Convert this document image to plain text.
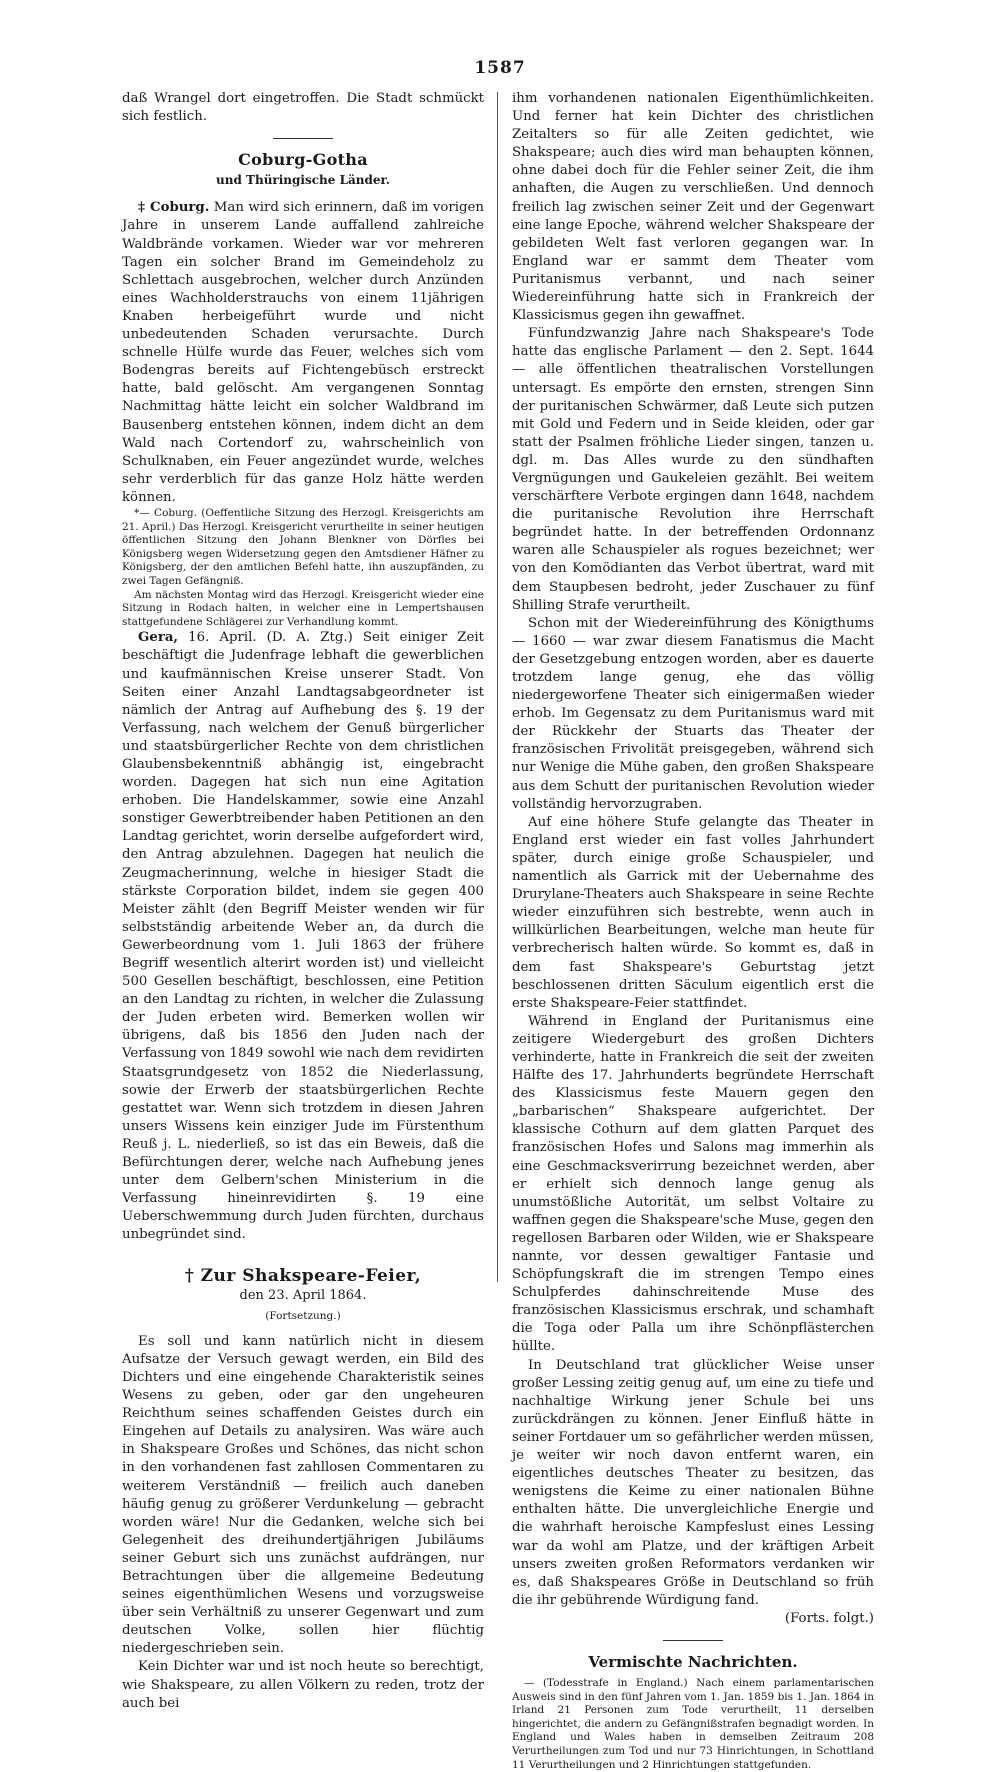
1587

daß Wrangel dort eingetroffen. Die Stadt schmückt sich festlich.

Coburg-Gotha
und Thüringische Länder.

‡ Coburg. Man wird sich erinnern, daß im vorigen Jahre in unserem Lande auffallend zahlreiche Waldbrände vorkamen. Wieder war vor mehreren Tagen ein solcher Brand im Gemeindeholz zu Schlettach ausgebrochen, welcher durch Anzünden eines Wachholderstrauchs von einem 11jährigen Knaben herbeigeführt wurde und nicht unbedeutenden Schaden verursachte. Durch schnelle Hülfe wurde das Feuer, welches sich vom Bodengras bereits auf Fichtengebüsch erstreckt hatte, bald gelöscht. Am vergangenen Sonntag Nachmittag hätte leicht ein solcher Waldbrand im Bausenberg entstehen können, indem dicht an dem Wald nach Cortendorf zu, wahrscheinlich von Schulknaben, ein Feuer angezündet wurde, welches sehr verderblich für das ganze Holz hätte werden können.

*— Coburg. (Oeffentliche Sitzung des Herzogl. Kreisgerichts am 21. April.) Das Herzogl. Kreisgericht verurtheilte in seiner heutigen öffentlichen Sitzung den Johann Blenkner von Dörfles bei Königsberg wegen Widersetzung gegen den Amtsdiener Häfner zu Königsberg, der den amtlichen Befehl hatte, ihn auszupfänden, zu zwei Tagen Gefängniß.

Am nächsten Montag wird das Herzogl. Kreisgericht wieder eine Sitzung in Rodach halten, in welcher eine in Lempertshausen stattgefundene Schlägerei zur Verhandlung kommt.

Gera, 16. April. (D. A. Ztg.) Seit einiger Zeit beschäftigt die Judenfrage lebhaft die gewerblichen und kaufmännischen Kreise unserer Stadt. Von Seiten einer Anzahl Landtagsabgeordneter ist nämlich der Antrag auf Aufhebung des §. 19 der Verfassung, nach welchem der Genuß bürgerlicher und staatsbürgerlicher Rechte von dem christlichen Glaubensbekenntniß abhängig ist, eingebracht worden. Dagegen hat sich nun eine Agitation erhoben. Die Handelskammer, sowie eine Anzahl sonstiger Gewerbtreibender haben Petitionen an den Landtag gerichtet, worin derselbe aufgefordert wird, den Antrag abzulehnen. Dagegen hat neulich die Zeugmacherinnung, welche in hiesiger Stadt die stärkste Corporation bildet, indem sie gegen 400 Meister zählt (den Begriff Meister wenden wir für selbstständig arbeitende Weber an, da durch die Gewerbeordnung vom 1. Juli 1863 der frühere Begriff wesentlich alterirt worden ist) und vielleicht 500 Gesellen beschäftigt, beschlossen, eine Petition an den Landtag zu richten, in welcher die Zulassung der Juden erbeten wird. Bemerken wollen wir übrigens, daß bis 1856 den Juden nach der Verfassung von 1849 sowohl wie nach dem revidirten Staatsgrundgesetz von 1852 die Niederlassung, sowie der Erwerb der staatsbürgerlichen Rechte gestattet war. Wenn sich trotzdem in diesen Jahren unsers Wissens kein einziger Jude im Fürstenthum Reuß j. L. niederließ, so ist das ein Beweis, daß die Befürchtungen derer, welche nach Aufhebung jenes unter dem Gelbern'schen Ministerium in die Verfassung hineinrevidirten §. 19 eine Ueberschwemmung durch Juden fürchten, durchaus unbegründet sind.

† Zur Shakspeare-Feier,
den 23. April 1864.
(Fortsetzung.)

Es soll und kann natürlich nicht in diesem Aufsatze der Versuch gewagt werden, ein Bild des Dichters und eine eingehende Charakteristik seines Wesens zu geben, oder gar den ungeheuren Reichthum seines schaffenden Geistes durch ein Eingehen auf Details zu analysiren. Was wäre auch in Shakspeare Großes und Schönes, das nicht schon in den vorhandenen fast zahllosen Commentaren zu weiterem Verständniß — freilich auch daneben häufig genug zu größerer Verdunkelung — gebracht worden wäre! Nur die Gedanken, welche sich bei Gelegenheit des dreihundertjährigen Jubiläums seiner Geburt sich uns zunächst aufdrängen, nur Betrachtungen über die allgemeine Bedeutung seines eigenthümlichen Wesens und vorzugsweise über sein Verhältniß zu unserer Gegenwart und zum deutschen Volke, sollen hier flüchtig niedergeschrieben sein.

Kein Dichter war und ist noch heute so berechtigt, wie Shakspeare, zu allen Völkern zu reden, trotz der auch bei

ihm vorhandenen nationalen Eigenthümlichkeiten. Und ferner hat kein Dichter des christlichen Zeitalters so für alle Zeiten gedichtet, wie Shakspeare; auch dies wird man behaupten können, ohne dabei doch für die Fehler seiner Zeit, die ihm anhaften, die Augen zu verschließen. Und dennoch freilich lag zwischen seiner Zeit und der Gegenwart eine lange Epoche, während welcher Shakspeare der gebildeten Welt fast verloren gegangen war. In England war er sammt dem Theater vom Puritanismus verbannt, und nach seiner Wiedereinführung hatte sich in Frankreich der Klassicismus gegen ihn gewaffnet.

Fünfundzwanzig Jahre nach Shakspeare's Tode hatte das englische Parlament — den 2. Sept. 1644 — alle öffentlichen theatralischen Vorstellungen untersagt. Es empörte den ernsten, strengen Sinn der puritanischen Schwärmer, daß Leute sich putzen mit Gold und Federn und in Seide kleiden, oder gar statt der Psalmen fröhliche Lieder singen, tanzen u. dgl. m. Das Alles wurde zu den sündhaften Vergnügungen und Gaukeleien gezählt. Bei weitem verschärftere Verbote ergingen dann 1648, nachdem die puritanische Revolution ihre Herrschaft begründet hatte. In der betreffenden Ordonnanz waren alle Schauspieler als rogues bezeichnet; wer von den Komödianten das Verbot übertrat, ward mit dem Staupbesen bedroht, jeder Zuschauer zu fünf Shilling Strafe verurtheilt.

Schon mit der Wiedereinführung des Königthums — 1660 — war zwar diesem Fanatismus die Macht der Gesetzgebung entzogen worden, aber es dauerte trotzdem lange genug, ehe das völlig niedergeworfene Theater sich einigermaßen wieder erhob. Im Gegensatz zu dem Puritanismus ward mit der Rückkehr der Stuarts das Theater der französischen Frivolität preisgegeben, während sich nur Wenige die Mühe gaben, den großen Shakspeare aus dem Schutt der puritanischen Revolution wieder vollständig hervorzugraben.

Auf eine höhere Stufe gelangte das Theater in England erst wieder ein fast volles Jahrhundert später, durch einige große Schauspieler, und namentlich als Garrick mit der Uebernahme des Drurylane-Theaters auch Shakspeare in seine Rechte wieder einzuführen sich bestrebte, wenn auch in willkürlichen Bearbeitungen, welche man heute für verbrecherisch halten würde. So kommt es, daß in dem fast Shakspeare's Geburtstag jetzt beschlossenen dritten Säculum eigentlich erst die erste Shakspeare-Feier stattfindet.

Während in England der Puritanismus eine zeitigere Wiedergeburt des großen Dichters verhinderte, hatte in Frankreich die seit der zweiten Hälfte des 17. Jahrhunderts begründete Herrschaft des Klassicismus feste Mauern gegen den „barbarischen“ Shakspeare aufgerichtet. Der klassische Cothurn auf dem glatten Parquet des französischen Hofes und Salons mag immerhin als eine Geschmacksverirrung bezeichnet werden, aber er erhielt sich dennoch lange genug als unumstößliche Autorität, um selbst Voltaire zu waffnen gegen die Shakspeare'sche Muse, gegen den regellosen Barbaren oder Wilden, wie er Shakspeare nannte, vor dessen gewaltiger Fantasie und Schöpfungskraft die im strengen Tempo eines Schulpferdes dahinschreitende Muse des französischen Klassicismus erschrak, und schamhaft die Toga oder Palla um ihre Schönpflästerchen hüllte.

In Deutschland trat glücklicher Weise unser großer Lessing zeitig genug auf, um eine zu tiefe und nachhaltige Wirkung jener Schule bei uns zurückdrängen zu können. Jener Einfluß hätte in seiner Fortdauer um so gefährlicher werden müssen, je weiter wir noch davon entfernt waren, ein eigentliches deutsches Theater zu besitzen, das wenigstens die Keime zu einer nationalen Bühne enthalten hätte. Die unvergleichliche Energie und die wahrhaft heroische Kampfeslust eines Lessing war da wohl am Platze, und der kräftigen Arbeit unsers zweiten großen Reformators verdanken wir es, daß Shakspeares Größe in Deutschland so früh die ihr gebührende Würdigung fand.

(Forts. folgt.)

Vermischte Nachrichten.

— (Todesstrafe in England.) Nach einem parlamentarischen Ausweis sind in den fünf Jahren vom 1. Jan. 1859 bis 1. Jan. 1864 in Irland 21 Personen zum Tode verurtheilt, 11 derselben hingerichtet, die andern zu Gefängnißstrafen begnadigt worden. In England und Wales haben in demselben Zeitraum 208 Verurtheilungen zum Tod und nur 73 Hinrichtungen, in Schottland 11 Verurtheilungen und 2 Hinrichtungen stattgefunden.
